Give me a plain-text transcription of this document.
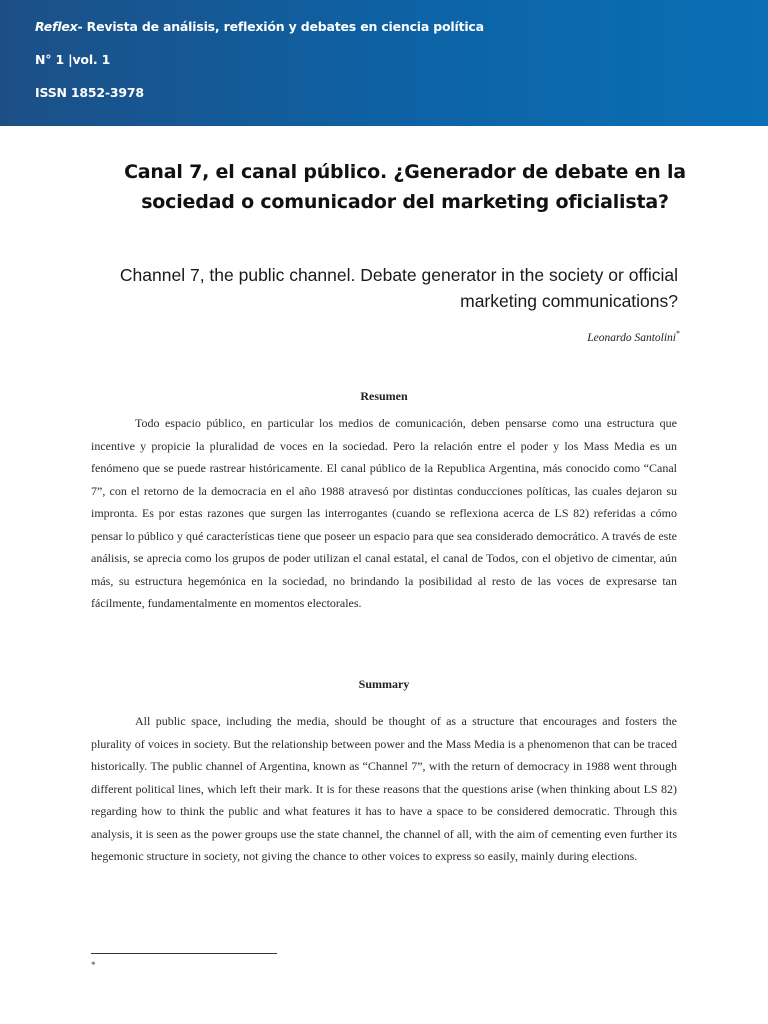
Reflex- Revista de análisis, reflexión y debates en ciencia política
N° 1 |vol. 1
ISSN 1852-3978
Canal 7, el canal público. ¿Generador de debate en la sociedad o comunicador del marketing oficialista?
Channel 7, the public channel. Debate generator in the society or official marketing communications?
Leonardo Santolini*
Resumen

Todo espacio público, en particular los medios de comunicación, deben pensarse como una estructura que incentive y propicie la pluralidad de voces en la sociedad. Pero la relación entre el poder y los Mass Media es un fenómeno que se puede rastrear históricamente. El canal público de la Republica Argentina, más conocido como “Canal 7”, con el retorno de la democracia en el año 1988 atravesó por distintas conducciones políticas, las cuales dejaron su impronta. Es por estas razones que surgen las interrogantes (cuando se reflexiona acerca de LS 82) referidas a cómo pensar lo público y qué características tiene que poseer un espacio para que sea considerado democrático. A través de este análisis, se aprecia como los grupos de poder utilizan el canal estatal, el canal de Todos, con el objetivo de cimentar, aún más, su estructura hegemónica en la sociedad, no brindando la posibilidad al resto de las voces de expresarse tan fácilmente, fundamentalmente en momentos electorales.

Summary

All public space, including the media, should be thought of as a structure that encourages and fosters the plurality of voices in society. But the relationship between power and the Mass Media is a phenomenon that can be traced historically. The public channel of Argentina, known as “Channel 7”, with the return of democracy in 1988 went through different political lines, which left their mark. It is for these reasons that the questions arise (when thinking about LS 82) regarding how to think the public and what features it has to have a space to be considered democratic. Through this analysis, it is seen as the power groups use the state channel, the channel of all, with the aim of cementing even further its hegemonic structure in society, not giving the chance to other voices to express so easily, mainly during elections.

*
